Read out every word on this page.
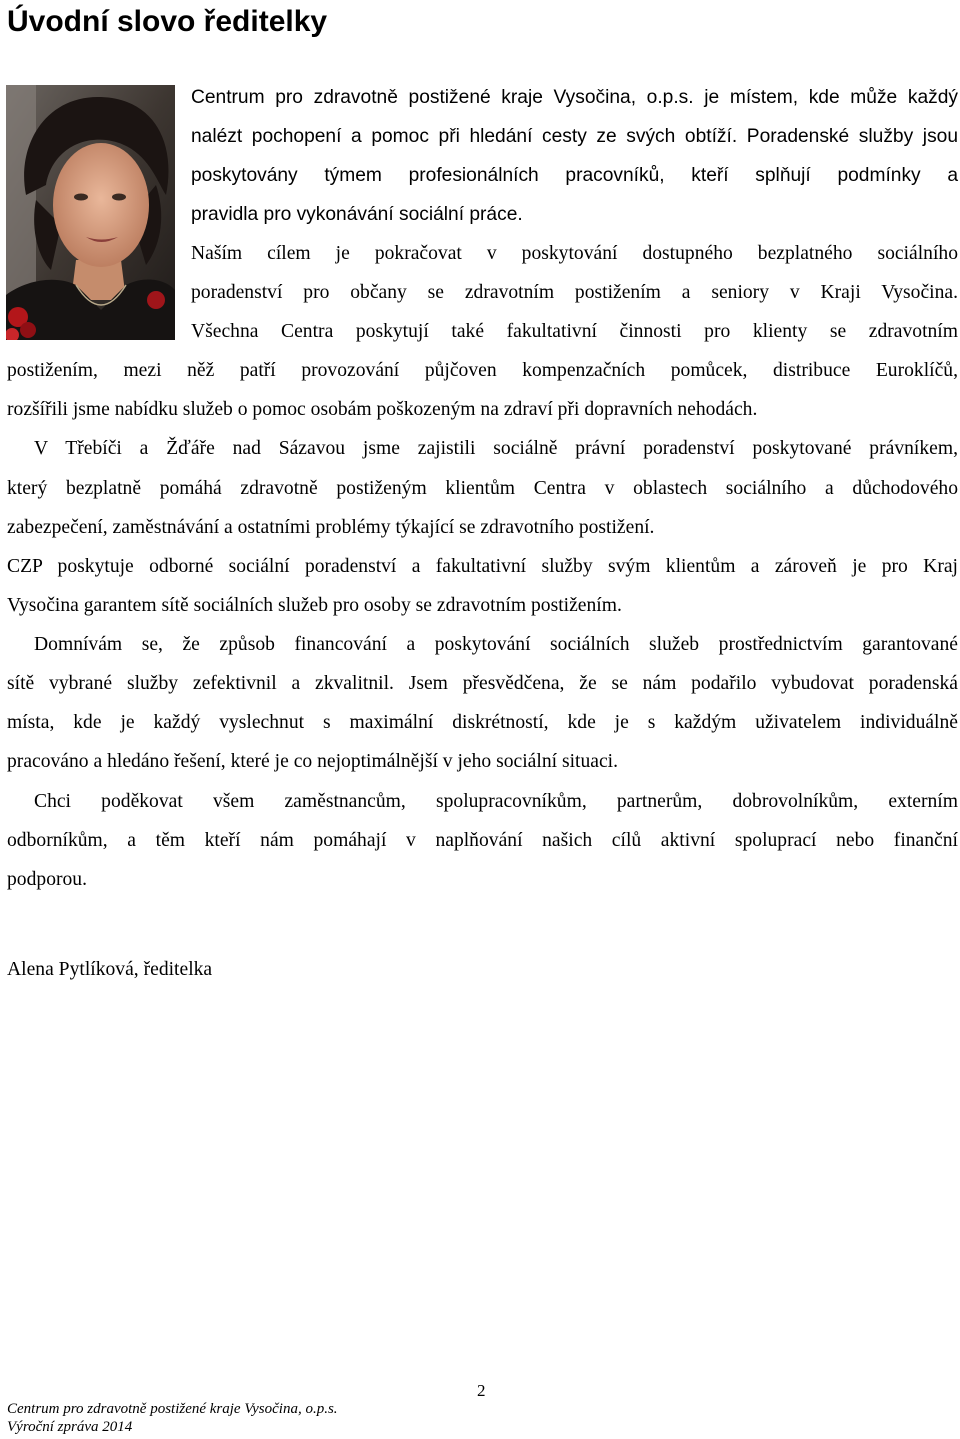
Úvodní slovo ředitelky
Centrum pro zdravotně postižené kraje Vysočina, o.p.s. je místem, kde může každý
nalézt pochopení a pomoc při hledání cesty ze svých obtíží. Poradenské služby jsou
poskytovány týmem profesionálních pracovníků, kteří splňují podmínky a
pravidla pro vykonávání sociální práce.
Naším cílem je pokračovat v poskytování dostupného bezplatného sociálního
poradenství pro občany se zdravotním postižením a seniory v Kraji Vysočina.
Všechna Centra poskytují také fakultativní činnosti pro klienty se zdravotním
postižením, mezi něž patří provozování půjčoven kompenzačních pomůcek, distribuce Euroklíčů,
rozšířili jsme nabídku služeb o pomoc osobám poškozeným na zdraví při dopravních nehodách.
V Třebíči a Žďáře nad Sázavou jsme zajistili sociálně právní poradenství poskytované právníkem,
který bezplatně pomáhá zdravotně postiženým klientům Centra v oblastech sociálního a důchodového
zabezpečení, zaměstnávání a ostatními problémy týkající se zdravotního postižení.
CZP poskytuje odborné sociální poradenství a fakultativní služby svým klientům a zároveň je pro Kraj
Vysočina garantem sítě sociálních služeb pro osoby se zdravotním postižením.
Domnívám se, že způsob financování a poskytování sociálních služeb prostřednictvím garantované
sítě vybrané služby zefektivnil a zkvalitnil. Jsem přesvědčena, že se nám podařilo vybudovat poradenská
místa, kde je každý vyslechnut s maximální diskrétností, kde je s každým uživatelem individuálně
pracováno a hledáno řešení, které je co nejoptimálnější v jeho sociální situaci.
Chci poděkovat všem zaměstnancům, spolupracovníkům, partnerům, dobrovolníkům, externím
odborníkům, a těm kteří nám pomáhají v naplňování našich cílů aktivní spoluprací nebo finanční
podporou.
Alena Pytlíková, ředitelka
2
Centrum pro zdravotně postižené kraje Vysočina, o.p.s.
Výroční zpráva 2014
